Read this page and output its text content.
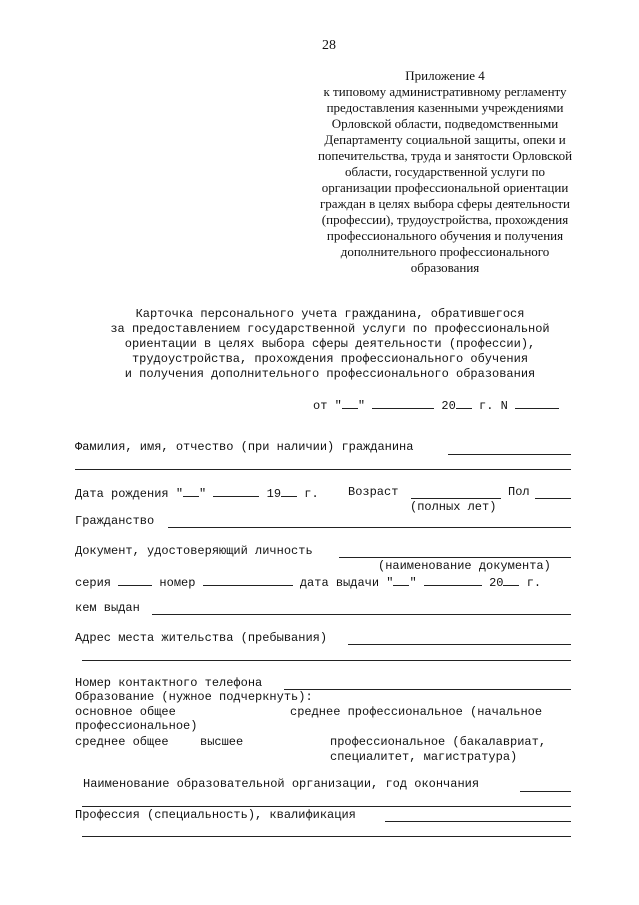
28
Приложение 4
к типовому административному регламенту
предоставления казенными учреждениями
Орловской области, подведомственными
Департаменту социальной защиты, опеки и
попечительства, труда и занятости Орловской
области, государственной услуги по
организации профессиональной ориентации
граждан в целях выбора сферы деятельности
(профессии), трудоустройства, прохождения
профессионального обучения и получения
дополнительного профессионального
образования
Карточка персонального учета гражданина, обратившегося
за предоставлением государственной услуги по профессиональной
ориентации в целях выбора сферы деятельности (профессии),
трудоустройства, прохождения профессионального обучения
и получения дополнительного профессионального образования
от " "	20 г. N
Фамилия, имя, отчество (при наличии) гражданина
Дата рождения " "	19 г. Возраст	Пол
(полных лет)
Гражданство
Документ, удостоверяющий личность
(наименование документа)
серия	номер	дата выдачи " "	20 г.
кем выдан
Адрес места жительства (пребывания)
Номер контактного телефона
Образование (нужное подчеркнуть):
основное общее	среднее профессиональное (начальное
профессиональное)
среднее общее	высшее	профессиональное (бакалавриат,
специалитет, магистратура)
Наименование образовательной организации, год окончания
Профессия (специальность), квалификация
